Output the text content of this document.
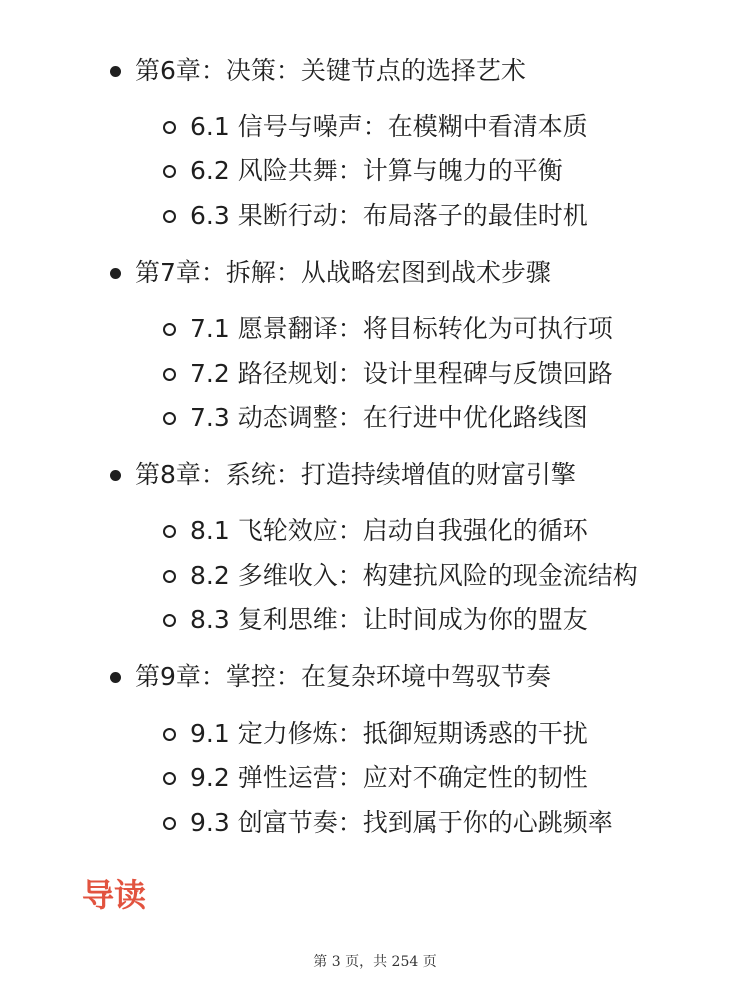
第6章：决策：关键节点的选择艺术
6.1 信号与噪声：在模糊中看清本质
6.2 风险共舞：计算与魄力的平衡
6.3 果断行动：布局落子的最佳时机
第7章：拆解：从战略宏图到战术步骤
7.1 愿景翻译：将目标转化为可执行项
7.2 路径规划：设计里程碑与反馈回路
7.3 动态调整：在行进中优化路线图
第8章：系统：打造持续增值的财富引擎
8.1 飞轮效应：启动自我强化的循环
8.2 多维收入：构建抗风险的现金流结构
8.3 复利思维：让时间成为你的盟友
第9章：掌控：在复杂环境中驾驭节奏
9.1 定力修炼：抵御短期诱惑的干扰
9.2 弹性运营：应对不确定性的韧性
9.3 创富节奏：找到属于你的心跳频率
导读
第 3 页，共 254 页
